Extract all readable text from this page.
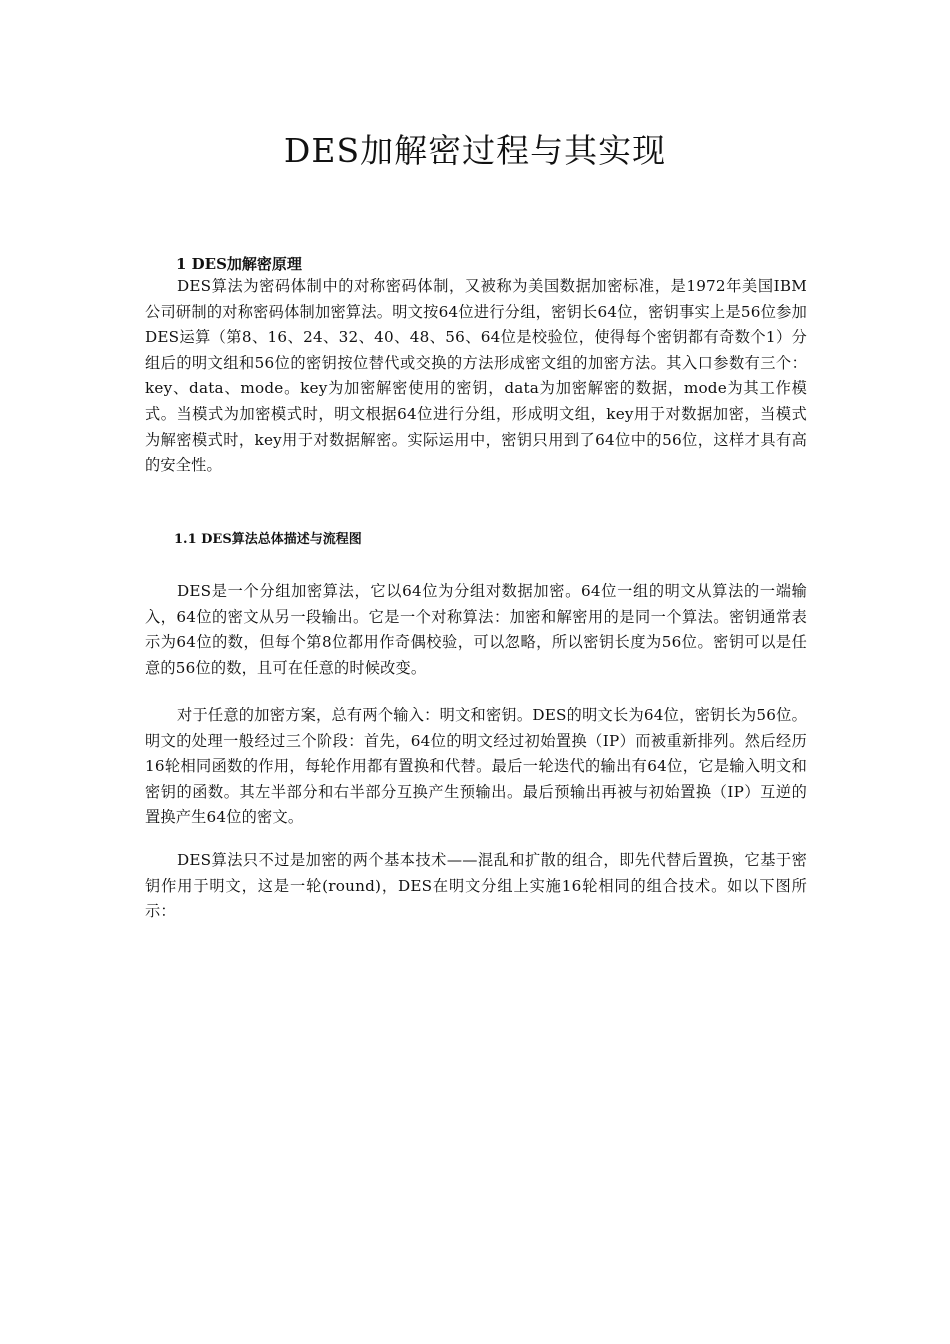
DES加解密过程与其实现
1 DES加解密原理

DES算法为密码体制中的对称密码体制，又被称为美国数据加密标准，是1972年美国IBM公司研制的对称密码体制加密算法。明文按64位进行分组，密钥长64位，密钥事实上是56位参加DES运算（第8、16、24、32、40、48、56、64位是校验位，使得每个密钥都有奇数个1）分组后的明文组和56位的密钥按位替代或交换的方法形成密文组的加密方法。其入口参数有三个：key、data、mode。key为加密解密使用的密钥，data为加密解密的数据，mode为其工作模式。当模式为加密模式时，明文根据64位进行分组，形成明文组，key用于对数据加密，当模式为解密模式时，key用于对数据解密。实际运用中，密钥只用到了64位中的56位，这样才具有高的安全性。

1.1 DES算法总体描述与流程图

DES是一个分组加密算法，它以64位为分组对数据加密。64位一组的明文从算法的一端输入，64位的密文从另一段输出。它是一个对称算法：加密和解密用的是同一个算法。密钥通常表示为64位的数，但每个第8位都用作奇偶校验，可以忽略，所以密钥长度为56位。密钥可以是任意的56位的数，且可在任意的时候改变。

对于任意的加密方案，总有两个输入：明文和密钥。DES的明文长为64位，密钥长为56位。明文的处理一般经过三个阶段：首先，64位的明文经过初始置换（IP）而被重新排列。然后经历16轮相同函数的作用，每轮作用都有置换和代替。最后一轮迭代的输出有64位，它是输入明文和密钥的函数。其左半部分和右半部分互换产生预输出。最后预输出再被与初始置换（IP）互逆的置换产生64位的密文。

DES算法只不过是加密的两个基本技术——混乱和扩散的组合，即先代替后置换，它基于密钥作用于明文，这是一轮(round)，DES在明文分组上实施16轮相同的组合技术。如以下图所示：
